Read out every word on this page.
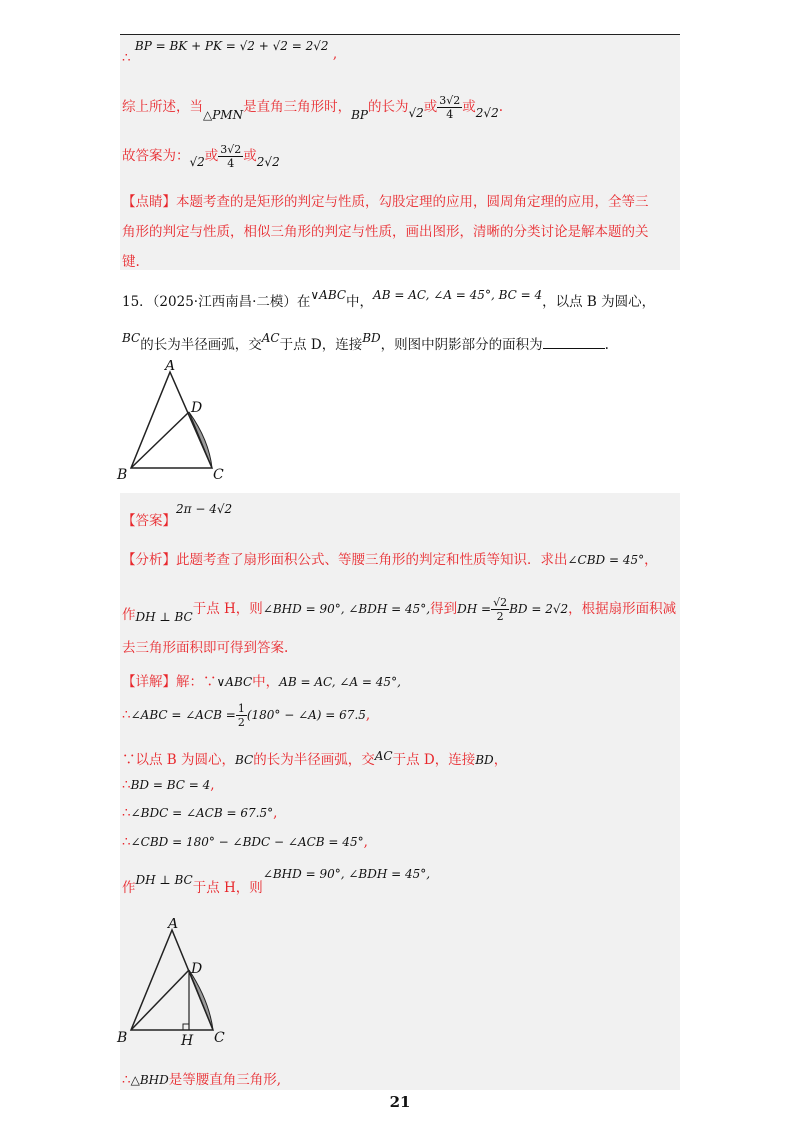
∴ BP = BK + PK = √2 + √2 = 2√2 ,
综上所述，当△PMN是直角三角形时，BP的长为√2或 $\frac{3√2}{4}$ 或2√2.
故答案为：√2或 $\frac{3√2}{4}$ 或2√2
【点睛】本题考查的是矩形的判定与性质，勾股定理的应用，圆周角定理的应用，全等三
角形的判定与性质，相似三角形的判定与性质，画出图形，清晰的分类讨论是解本题的关
键.
15．（2025·江西南昌·二模）在∨ABC中，AB = AC, ∠A = 45°, BC = 4，以点 B 为圆心，
BC的长为半径画弧，交AC于点 D，连接BD，则图中阴影部分的面积为	.
A
B	C
D
【答案】2π − 4√2
【分析】此题考查了扇形面积公式、等腰三角形的判定和性质等知识．求出∠CBD = 45°，
作DH ⊥ BC于点 H，则∠BHD = 90°, ∠BDH = 45°,得到DH = $\frac{√2}{2}$ BD = 2√2，根据扇形面积减
去三角形面积即可得到答案.
【详解】解：∵∨ABC中，AB = AC, ∠A = 45°,
∴∠ABC = ∠ACB = $\frac{1}{2} (180^\circ$ − ∠A) = 67.5,
∵以点 B 为圆心，BC的长为半径画弧，交AC于点 D，连接BD，
∴BD = BC = 4,
∴∠BDC = ∠ACB = 67.5°,
∴∠CBD = 180° − ∠BDC − ∠ACB = 45°,
作DH ⊥ BC于点 H，则∠BHD = 90°, ∠BDH = 45°,
A
B	C
D
H
∴△BHD是等腰直角三角形,
21
